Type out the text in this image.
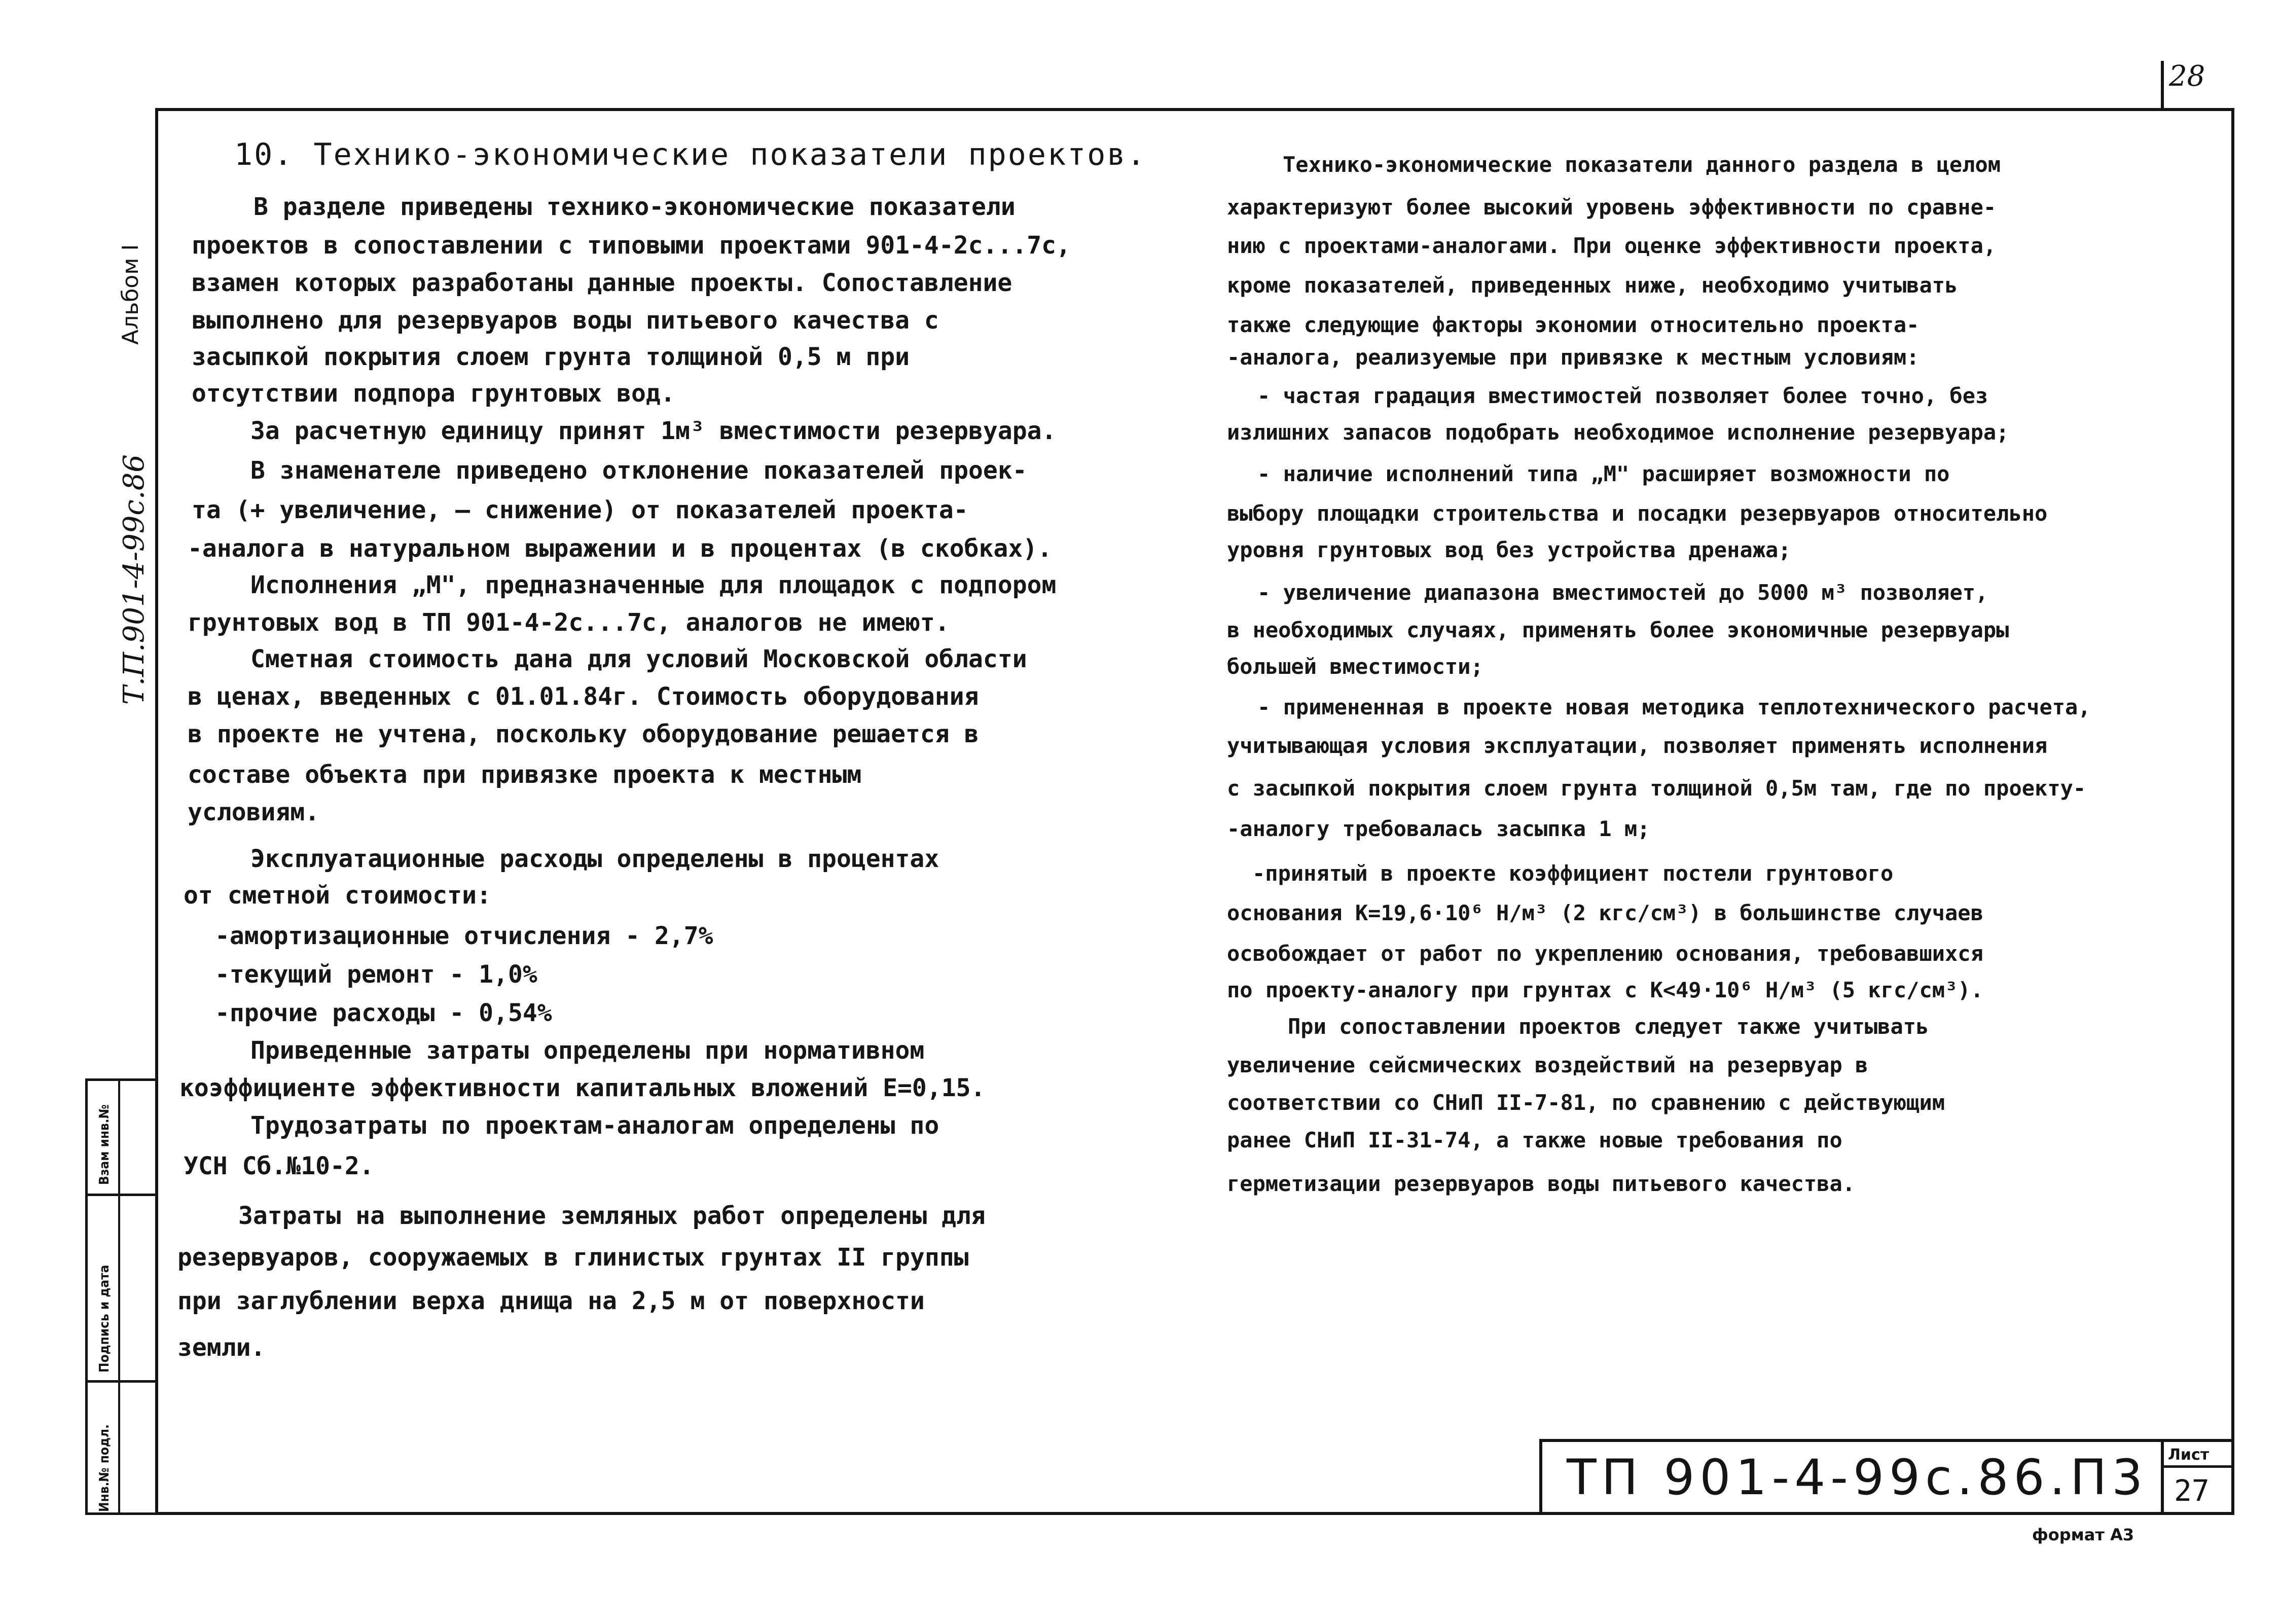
28
Взам инв.№
Подпись и дата
Инв.№ подл.
Альбом I
Т.П.901-4-99с.86
ТП 901-4-99с.86.П3 Лист
27
формат А3
10. Технико-экономические показатели проектов.
В разделе приведены технико-экономические показатели
проектов в сопоставлении с типовыми проектами 901-4-2с...7с,
взамен которых разработаны данные проекты. Сопоставление
выполнено для резервуаров воды питьевого качества с
засыпкой покрытия слоем грунта толщиной 0,5 м при
отсутствии подпора грунтовых вод.
За расчетную единицу принят 1м³ вместимости резервуара.
В знаменателе приведено отклонение показателей проек-
та (+ увеличение, – снижение) от показателей проекта-
-аналога в натуральном выражении и в процентах (в скобках).
Исполнения „М", предназначенные для площадок с подпором
грунтовых вод в ТП 901-4-2с...7с, аналогов не имеют.
Сметная стоимость дана для условий Московской области
в ценах, введенных с 01.01.84г. Стоимость оборудования
в проекте не учтена, поскольку оборудование решается в
составе объекта при привязке проекта к местным
условиям.
Эксплуатационные расходы определены в процентах
от сметной стоимости:
-амортизационные отчисления - 2,7%
-текущий ремонт - 1,0%
-прочие расходы - 0,54%
Приведенные затраты определены при нормативном
коэффициенте эффективности капитальных вложений Е=0,15.
Трудозатраты по проектам-аналогам определены по
УСН Сб.№10-2.
Затраты на выполнение земляных работ определены для
резервуаров, сооружаемых в глинистых грунтах II группы
при заглублении верха днища на 2,5 м от поверхности
земли.
Технико-экономические показатели данного раздела в целом
характеризуют более высокий уровень эффективности по сравне-
нию с проектами-аналогами. При оценке эффективности проекта,
кроме показателей, приведенных ниже, необходимо учитывать
также следующие факторы экономии относительно проекта-
-аналога, реализуемые при привязке к местным условиям:
- частая градация вместимостей позволяет более точно, без
излишних запасов подобрать необходимое исполнение резервуара;
- наличие исполнений типа „М" расширяет возможности по
выбору площадки строительства и посадки резервуаров относительно
уровня грунтовых вод без устройства дренажа;
- увеличение диапазона вместимостей до 5000 м³ позволяет,
в необходимых случаях, применять более экономичные резервуары
большей вместимости;
- примененная в проекте новая методика теплотехнического расчета,
учитывающая условия эксплуатации, позволяет применять исполнения
с засыпкой покрытия слоем грунта толщиной 0,5м там, где по проекту-
-аналогу требовалась засыпка 1 м;
-принятый в проекте коэффициент постели грунтового
основания К=19,6·10⁶ Н/м³ (2 кгс/см³) в большинстве случаев
освобождает от работ по укреплению основания, требовавшихся
по проекту-аналогу при грунтах с К<49·10⁶ Н/м³ (5 кгс/см³).
При сопоставлении проектов следует также учитывать
увеличение сейсмических воздействий на резервуар в
соответствии со СНиП II-7-81, по сравнению с действующим
ранее СНиП II-31-74, а также новые требования по
герметизации резервуаров воды питьевого качества.
